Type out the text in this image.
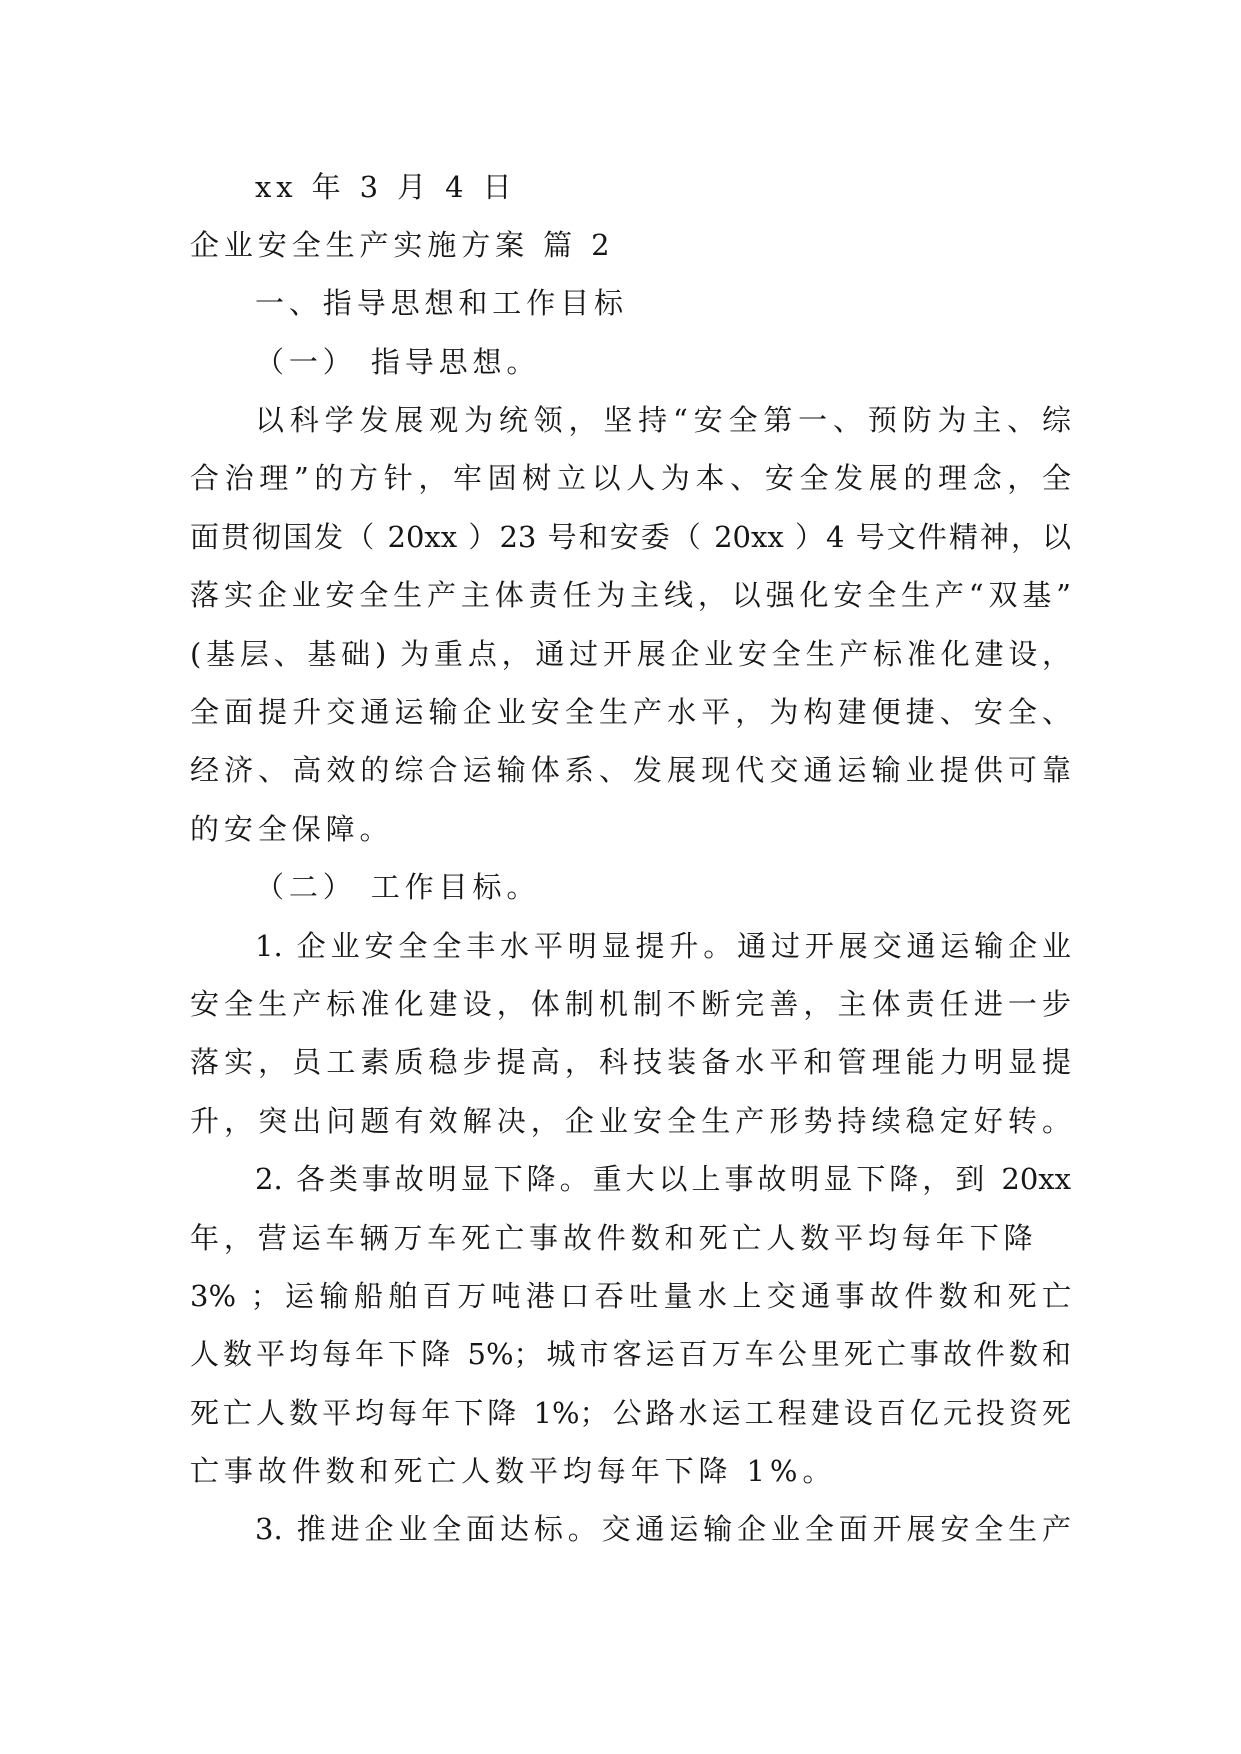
xx 年 3 月 4 日
企业安全生产实施方案 篇 2
一、指导思想和工作目标
（一） 指导思想。
以科学发展观为统领，坚持“安全第一、预防为主、综
合治理”的方针，牢固树立以人为本、安全发展的理念，全
面贯彻国发（ 20xx ）23 号和安委（ 20xx ）4 号文件精神，以
落实企业安全生产主体责任为主线，以强化安全生产“双基”
(基层、基础) 为重点，通过开展企业安全生产标准化建设，
全面提升交通运输企业安全生产水平，为构建便捷、安全、
经济、高效的综合运输体系、发展现代交通运输业提供可靠
的安全保障。
（二） 工作目标。
1. 企业安全全丰水平明显提升。通过开展交通运输企业
安全生产标准化建设，体制机制不断完善，主体责任进一步
落实，员工素质稳步提高，科技装备水平和管理能力明显提
升，突出问题有效解决，企业安全生产形势持续稳定好转。
2. 各类事故明显下降。重大以上事故明显下降，到 20xx
年，营运车辆万车死亡事故件数和死亡人数平均每年下降
3% ；运输船舶百万吨港口吞吐量水上交通事故件数和死亡
人数平均每年下降 5%；城市客运百万车公里死亡事故件数和
死亡人数平均每年下降 1%；公路水运工程建设百亿元投资死
亡事故件数和死亡人数平均每年下降 1%。
3. 推进企业全面达标。交通运输企业全面开展安全生产
